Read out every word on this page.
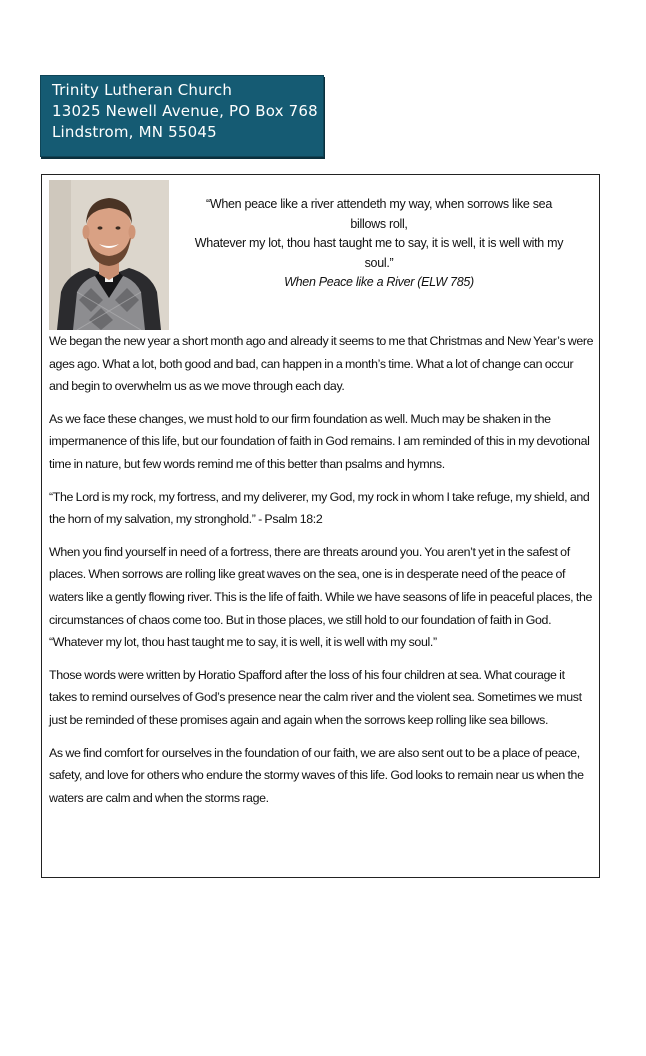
Trinity Lutheran Church
13025 Newell Avenue, PO Box 768
Lindstrom, MN 55045
“When peace like a river attendeth my way, when sorrows like sea billows roll,
Whatever my lot, thou hast taught me to say, it is well, it is well with my soul.”
When Peace like a River (ELW 785)

We began the new year a short month ago and already it seems to me that Christmas and New Year’s were ages ago. What a lot, both good and bad, can happen in a month’s time. What a lot of change can occur and begin to overwhelm us as we move through each day.

As we face these changes, we must hold to our firm foundation as well. Much may be shaken in the impermanence of this life, but our foundation of faith in God remains. I am reminded of this in my devotional time in nature, but few words remind me of this better than psalms and hymns.

“The Lord is my rock, my fortress, and my deliverer, my God, my rock in whom I take refuge, my shield, and the horn of my salvation, my stronghold.” - Psalm 18:2

When you find yourself in need of a fortress, there are threats around you. You aren’t yet in the safest of places. When sorrows are rolling like great waves on the sea, one is in desperate need of the peace of waters like a gently flowing river. This is the life of faith. While we have seasons of life in peaceful places, the circumstances of chaos come too. But in those places, we still hold to our foundation of faith in God. “Whatever my lot, thou hast taught me to say, it is well, it is well with my soul.”

Those words were written by Horatio Spafford after the loss of his four children at sea. What courage it takes to remind ourselves of God’s presence near the calm river and the violent sea. Sometimes we must just be reminded of these promises again and again when the sorrows keep rolling like sea billows.

As we find comfort for ourselves in the foundation of our faith, we are also sent out to be a place of peace, safety, and love for others who endure the stormy waves of this life. God looks to remain near us when the waters are calm and when the storms rage.
